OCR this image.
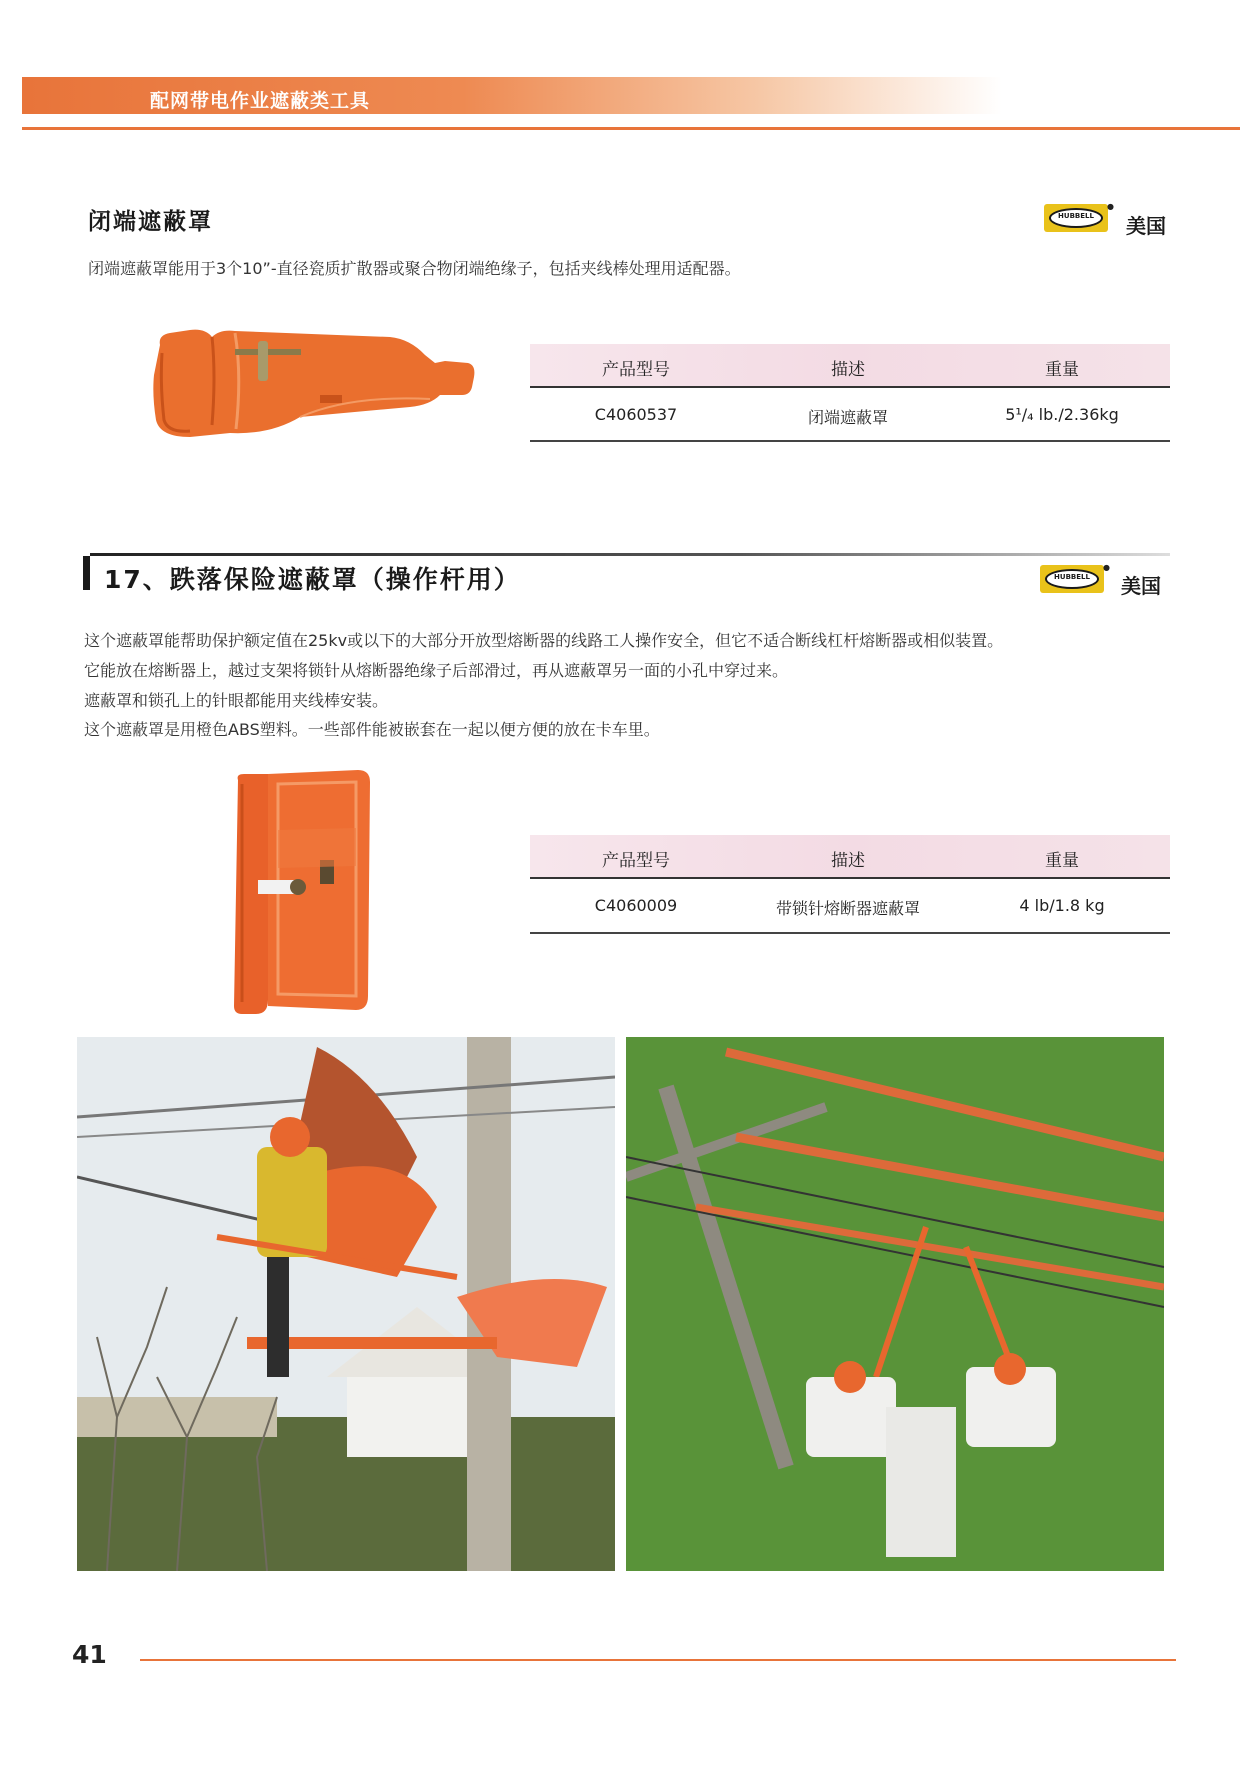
配网带电作业遮蔽类工具
闭端遮蔽罩	HUBBELL
●
美国
闭端遮蔽罩能用于3个10”-直径瓷质扩散器或聚合物闭端绝缘子，包括夹线棒处理用适配器。
产品型号	描述	重量
C4060537	闭端遮蔽罩	5¹/₄ lb./2.36kg
17、跌落保险遮蔽罩（操作杆用）	HUBBELL
●
美国
这个遮蔽罩能帮助保护额定值在25kv或以下的大部分开放型熔断器的线路工人操作安全，但它不适合断线杠杆熔断器或相似装置。
它能放在熔断器上，越过支架将锁针从熔断器绝缘子后部滑过，再从遮蔽罩另一面的小孔中穿过来。
遮蔽罩和锁孔上的针眼都能用夹线棒安装。
这个遮蔽罩是用橙色ABS塑料。一些部件能被嵌套在一起以便方便的放在卡车里。
产品型号	描述	重量
C4060009	带锁针熔断器遮蔽罩	4 lb/1.8 kg
41
